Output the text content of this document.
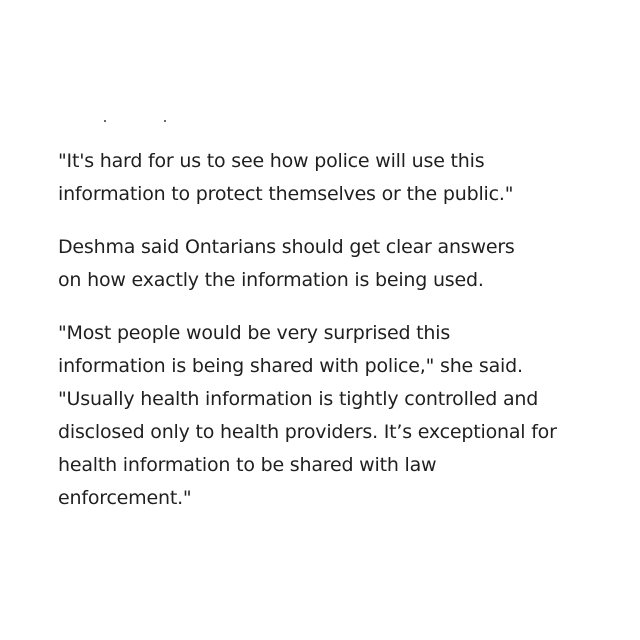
"It's hard for us to see how police will use this
information to protect themselves or the public."

Deshma said Ontarians should get clear answers
on how exactly the information is being used.

"Most people would be very surprised this
information is being shared with police," she said.
"Usually health information is tightly controlled and
disclosed only to health providers. It’s exceptional for
health information to be shared with law
enforcement."
